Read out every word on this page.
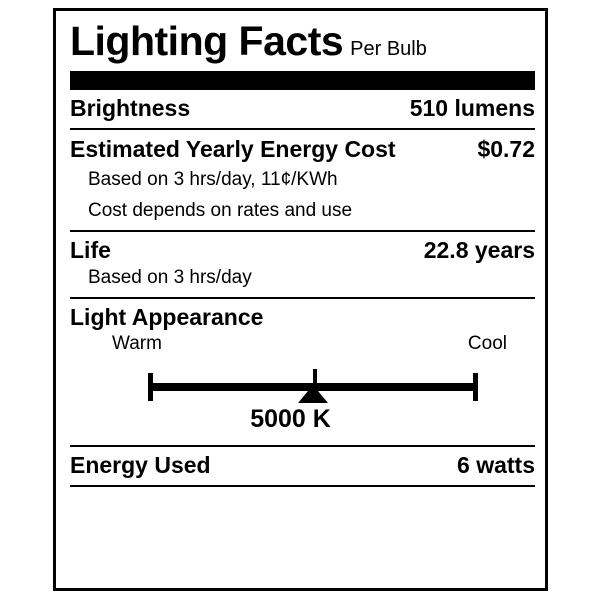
Lighting Facts Per Bulb
Brightness	510 lumens
Estimated Yearly Energy Cost	$0.72
Based on 3 hrs/day, 11¢/KWh
Cost depends on rates and use
Life	22.8 years
Based on 3 hrs/day
Light Appearance
Warm	Cool
5000 K
Energy Used	6 watts
